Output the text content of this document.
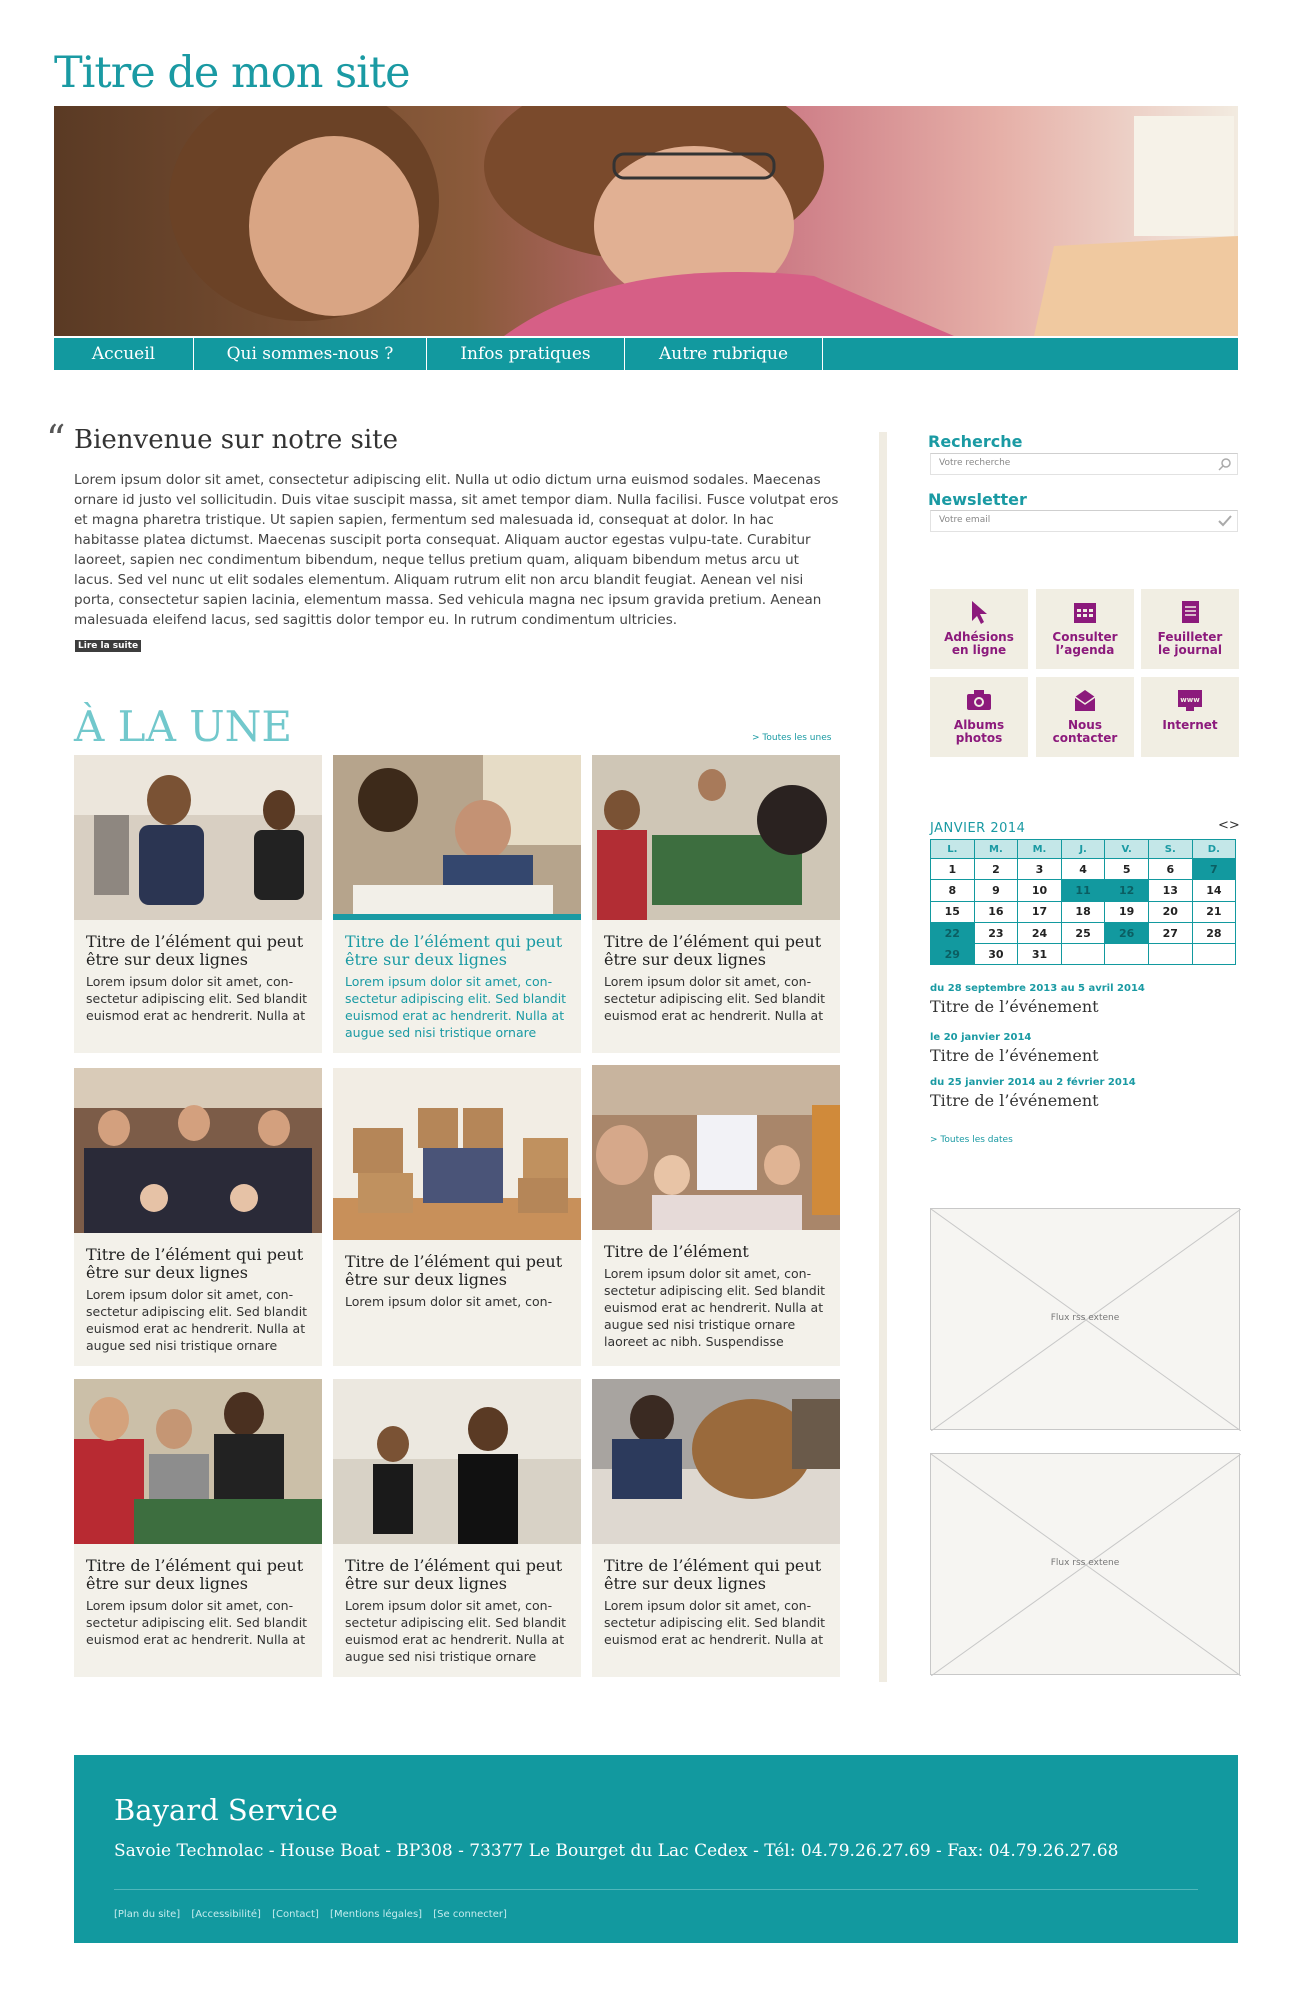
Titre de mon site
Accueil	Qui sommes-nous ?	Infos pratiques	Autre rubrique
“ Bienvenue sur notre site
Lorem ipsum dolor sit amet, consectetur adipiscing elit. Nulla ut odio dictum urna euismod sodales. Maecenas ornare id justo vel sollicitudin. Duis vitae suscipit massa, sit amet tempor diam. Nulla facilisi. Fusce volutpat eros et magna pharetra tristique. Ut sapien sapien, fermentum sed malesuada id, consequat at dolor. In hac habitasse platea dictumst. Maecenas suscipit porta consequat. Aliquam auctor egestas vulpu-tate. Curabitur laoreet, sapien nec condimentum bibendum, neque tellus pretium quam, aliquam bibendum metus arcu ut lacus. Sed vel nunc ut elit sodales elementum. Aliquam rutrum elit non arcu blandit feugiat. Aenean vel nisi porta, consectetur sapien lacinia, elementum massa. Sed vehicula magna nec ipsum gravida pretium. Aenean malesuada eleifend lacus, sed sagittis dolor tempor eu. In rutrum condimentum ultricies.
Lire la suite
À LA UNE	> Toutes les unes
Titre de l’élément qui peut être sur deux lignes
Lorem ipsum dolor sit amet, con-sectetur adipiscing elit. Sed blandit euismod erat ac hendrerit. Nulla at
Titre de l’élément qui peut être sur deux lignes
Lorem ipsum dolor sit amet, con-sectetur adipiscing elit. Sed blandit euismod erat ac hendrerit. Nulla at augue sed nisi tristique ornare
Titre de l’élément qui peut être sur deux lignes
Lorem ipsum dolor sit amet, con-sectetur adipiscing elit. Sed blandit euismod erat ac hendrerit. Nulla at
Titre de l’élément qui peut être sur deux lignes
Lorem ipsum dolor sit amet, con-sectetur adipiscing elit. Sed blandit euismod erat ac hendrerit. Nulla at augue sed nisi tristique ornare
Titre de l’élément qui peut être sur deux lignes
Lorem ipsum dolor sit amet, con-
Titre de l’élément
Lorem ipsum dolor sit amet, con-sectetur adipiscing elit. Sed blandit euismod erat ac hendrerit. Nulla at augue sed nisi tristique ornare laoreet ac nibh. Suspendisse
Titre de l’élément qui peut être sur deux lignes
Lorem ipsum dolor sit amet, con-sectetur adipiscing elit. Sed blandit euismod erat ac hendrerit. Nulla at
Titre de l’élément qui peut être sur deux lignes
Lorem ipsum dolor sit amet, con-sectetur adipiscing elit. Sed blandit euismod erat ac hendrerit. Nulla at augue sed nisi tristique ornare
Titre de l’élément qui peut être sur deux lignes
Lorem ipsum dolor sit amet, con-sectetur adipiscing elit. Sed blandit euismod erat ac hendrerit. Nulla at
Recherche
Votre recherche
Newsletter
Votre email
Adhésions
en ligne
Consulter
l’agenda
Feuilleter
le journal
Albums
photos
Nous
contacter
www
Internet
JANVIER 2014	<>
L.	M.	M.	J.	V.	S.	D.
1	2	3	4	5	6	7
8	9	10	11	12	13	14
15	16	17	18	19	20	21
22	23	24	25	26	27	28
29	30	31				
du 28 septembre 2013 au 5 avril 2014
Titre de l’événement
le 20 janvier 2014
Titre de l’événement
du 25 janvier 2014 au 2 février 2014
Titre de l’événement
> Toutes les dates
Flux rss extene
Flux rss extene
Bayard Service
Savoie Technolac - House Boat - BP308 - 73377 Le Bourget du Lac Cedex - Tél: 04.79.26.27.69 - Fax: 04.79.26.27.68
[Plan du site] [Accessibilité] [Contact] [Mentions légales] [Se connecter]
